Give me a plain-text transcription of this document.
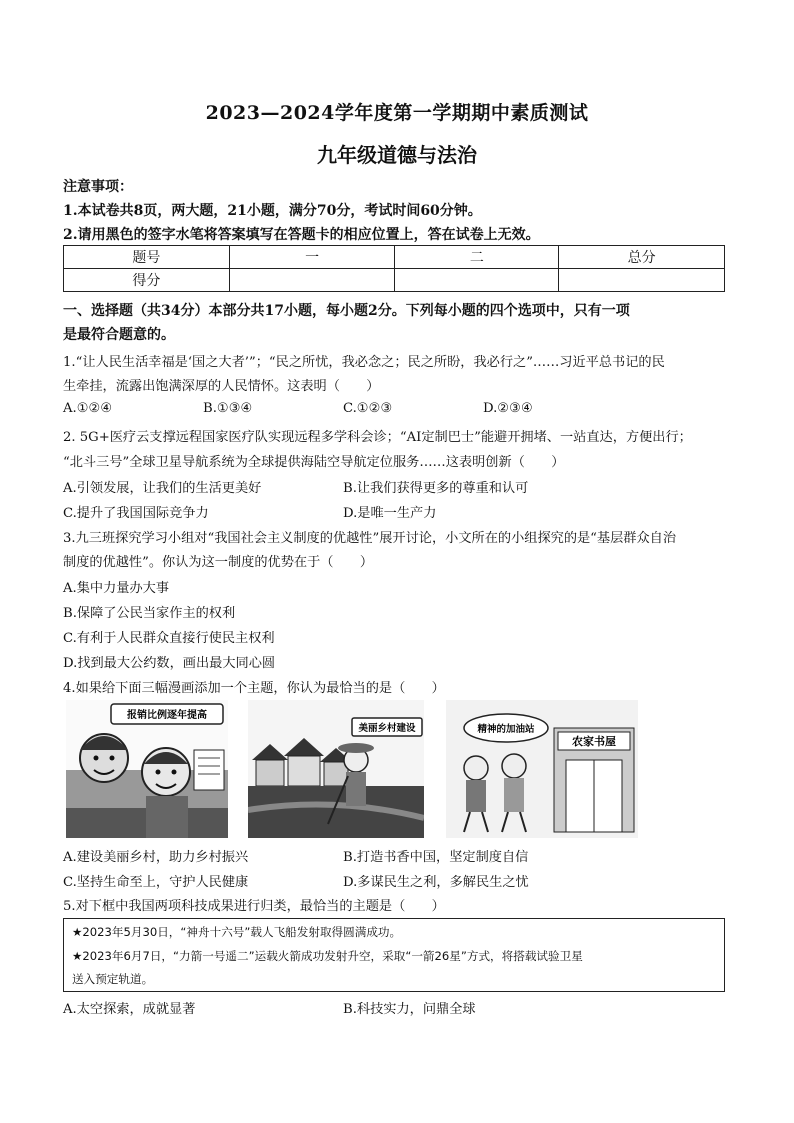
2023—2024学年度第一学期期中素质测试
九年级道德与法治
注意事项：
1.本试卷共8页，两大题，21小题，满分70分，考试时间60分钟。
2.请用黑色的签字水笔将答案填写在答题卡的相应位置上，答在试卷上无效。
题号	一	二	总分
得分			
一、选择题（共34分）本部分共17小题，每小题2分。下列每小题的四个选项中，只有一项
是最符合题意的。
1.“让人民生活幸福是‘国之大者’”；“民之所忧，我必念之；民之所盼，我必行之”……习近平总书记的民
生牵挂，流露出饱满深厚的人民情怀。这表明（　　）
A.①②④	B.①③④	C.①②③	D.②③④
2. 5G+医疗云支撑远程国家医疗队实现远程多学科会诊；“AI定制巴士”能避开拥堵、一站直达，方便出行；
“北斗三号”全球卫星导航系统为全球提供海陆空导航定位服务……这表明创新（　　）
A.引领发展，让我们的生活更美好	B.让我们获得更多的尊重和认可
C.提升了我国国际竞争力	D.是唯一生产力
3.九三班探究学习小组对“我国社会主义制度的优越性”展开讨论，小文所在的小组探究的是“基层群众自治
制度的优越性”。你认为这一制度的优势在于（　　）
A.集中力量办大事
B.保障了公民当家作主的权利
C.有利于人民群众直接行使民主权利
D.找到最大公约数，画出最大同心圆
4.如果给下面三幅漫画添加一个主题，你认为最恰当的是（　　）
报销比例逐年提高
美丽乡村建设	精神的加油站
农家书屋
A.建设美丽乡村，助力乡村振兴	B.打造书香中国，坚定制度自信
C.坚持生命至上，守护人民健康	D.多谋民生之利，多解民生之忧
5.对下框中我国两项科技成果进行归类，最恰当的主题是（　　）
★2023年5月30日，“神舟十六号”载人飞船发射取得圆满成功。
★2023年6月7日，“力箭一号遥二”运载火箭成功发射升空，采取“一箭26星”方式，将搭载试验卫星
送入预定轨道。
A.太空探索，成就显著	B.科技实力，问鼎全球
